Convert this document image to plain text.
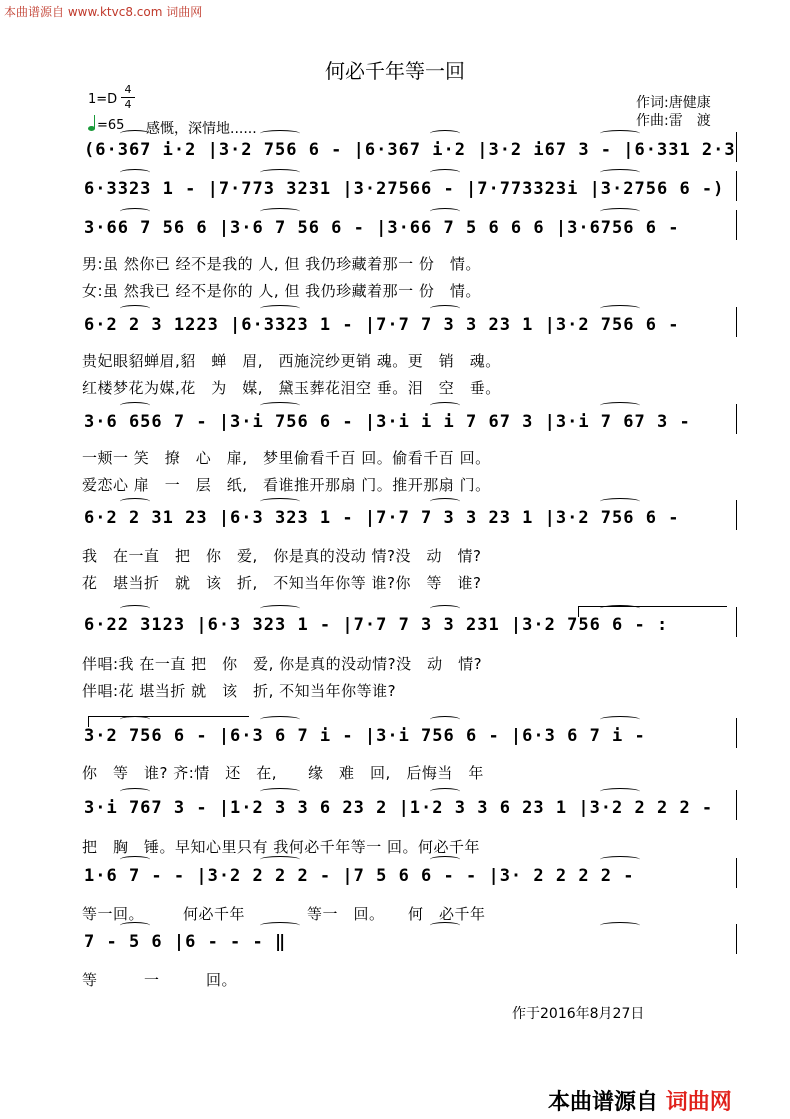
本曲谱源自 www.ktvc8.com 词曲网
何必千年等一回
1=D
4
4	作词:唐健康
作曲:雷　渡
=65 感慨，深情地......
(6·367 i·2 |3·2 756 6 - |6·367 i·2 |3·2 i67 3 - |6·331 2·3
6·3323 1 - |7·773 3231 |3·27566 - |7·773323i |3·2756 6 -)
3·66 7 56 6 |3·6 7 56 6 - |3·66 7 5 6 6 6 |3·6756 6 -
男:虽 然你已 经不是我的 人, 但 我仍珍藏着那一 份　情。
女:虽 然我已 经不是你的 人, 但 我仍珍藏着那一 份　情。
6·2 2 3 1223 |6·3323 1 - |7·7 7 3 3 23 1 |3·2 756 6 -
贵妃眼貂蝉眉,貂　蝉　眉,　西施浣纱更销 魂。更　销　魂。
红楼梦花为媒,花　为　媒,　黛玉葬花泪空 垂。泪　空　垂。
3·6 656 7 - |3·i 756 6 - |3·i i i 7 67 3 |3·i 7 67 3 -
一颊一 笑　撩　心　扉,　梦里偷看千百 回。偷看千百 回。
爱恋心 扉　一　层　纸,　看谁推开那扇 门。推开那扇 门。
6·2 2 31 23 |6·3 323 1 - |7·7 7 3 3 23 1 |3·2 756 6 -
我　在一直　把　你　爱,　你是真的没动 情?没　动　情?
花　堪当折　就　该　折,　不知当年你等 谁?你　等　谁?
6·22 3123 |6·3 323 1 - |7·7 7 3 3 231 |3·2 756 6 - :
伴唱:我 在一直 把　你　爱, 你是真的没动情?没　动　情?
伴唱:花 堪当折 就　该　折, 不知当年你等谁?
3·2 756 6 - |6·3 6 7 i - |3·i 756 6 - |6·3 6 7 i -
你　等　谁? 齐:情　还　在,　　缘　难　回,　后悔当　年
3·i 767 3 - |1·2 3 3 6 23 2 |1·2 3 3 6 23 1 |3·2 2 2 2 -
把　胸　锤。早知心里只有 我何必千年等一 回。何必千年
1·6 7 - - |3·2 2 2 2 - |7 5 6 6 - - |3· 2 2 2 2 -
等一回。　　　何必千年　　　　等一　回。　　何　必千年
7 - 5 6 |6 - - - ‖
等　　　一　　　回。
作于2016年8月27日
本曲谱源自 词曲网
